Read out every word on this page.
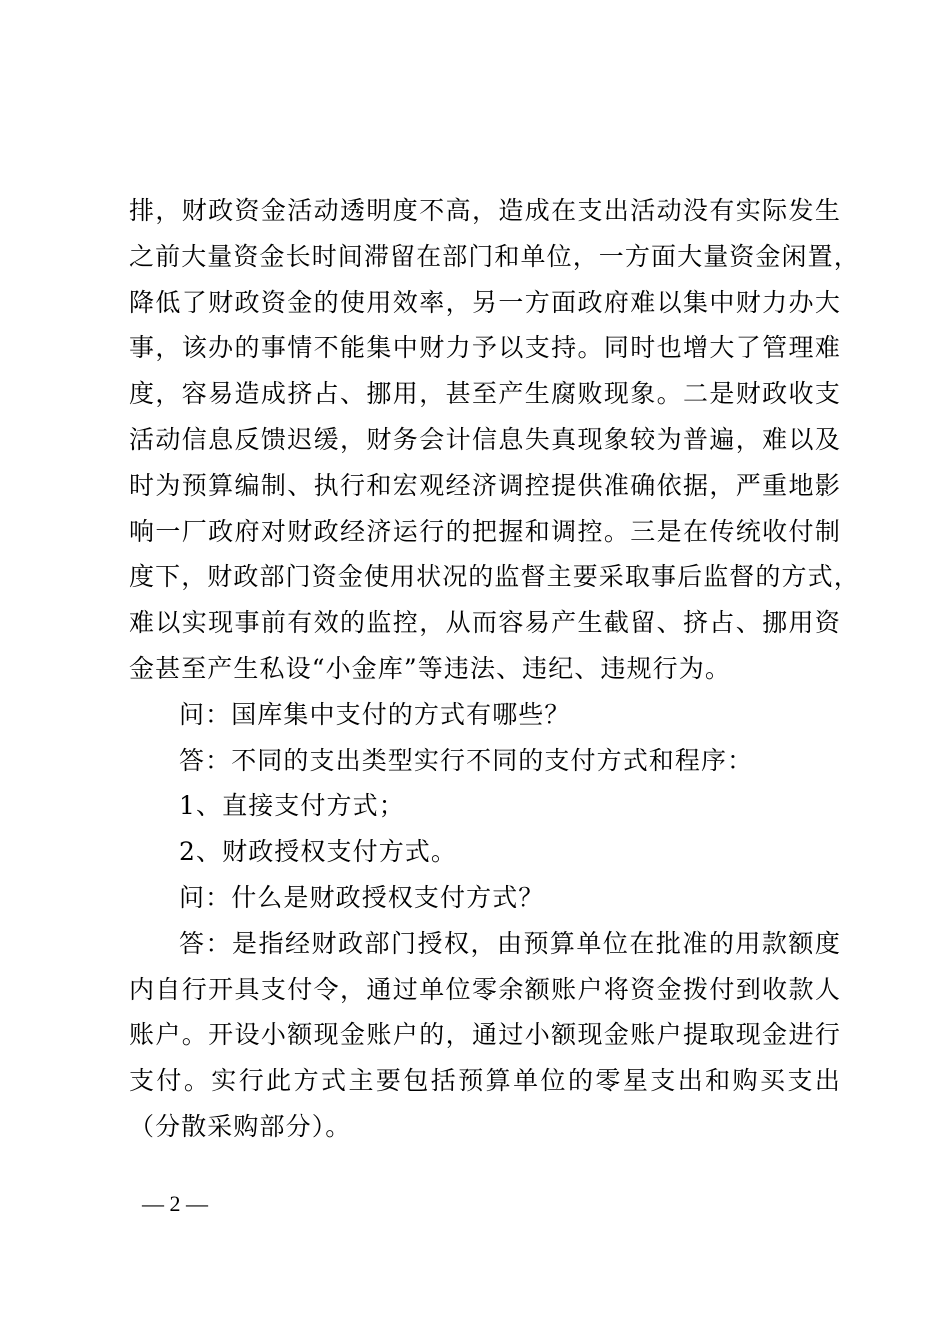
排，财政资金活动透明度不高，造成在支出活动没有实际发生
之前大量资金长时间滞留在部门和单位，一方面大量资金闲置，
降低了财政资金的使用效率，另一方面政府难以集中财力办大
事，该办的事情不能集中财力予以支持。同时也增大了管理难
度，容易造成挤占、挪用，甚至产生腐败现象。二是财政收支
活动信息反馈迟缓，财务会计信息失真现象较为普遍，难以及
时为预算编制、执行和宏观经济调控提供准确依据，严重地影
响一厂政府对财政经济运行的把握和调控。三是在传统收付制
度下，财政部门资金使用状况的监督主要采取事后监督的方式，
难以实现事前有效的监控，从而容易产生截留、挤占、挪用资
金甚至产生私设“小金库”等违法、违纪、违规行为。
问：国库集中支付的方式有哪些？
答：不同的支出类型实行不同的支付方式和程序：
1、直接支付方式；
2、财政授权支付方式。
问：什么是财政授权支付方式？
答：是指经财政部门授权，由预算单位在批准的用款额度
内自行开具支付令，通过单位零余额账户将资金拨付到收款人
账户。开设小额现金账户的，通过小额现金账户提取现金进行
支付。实行此方式主要包括预算单位的零星支出和购买支出
（分散采购部分）。
— 2 —
